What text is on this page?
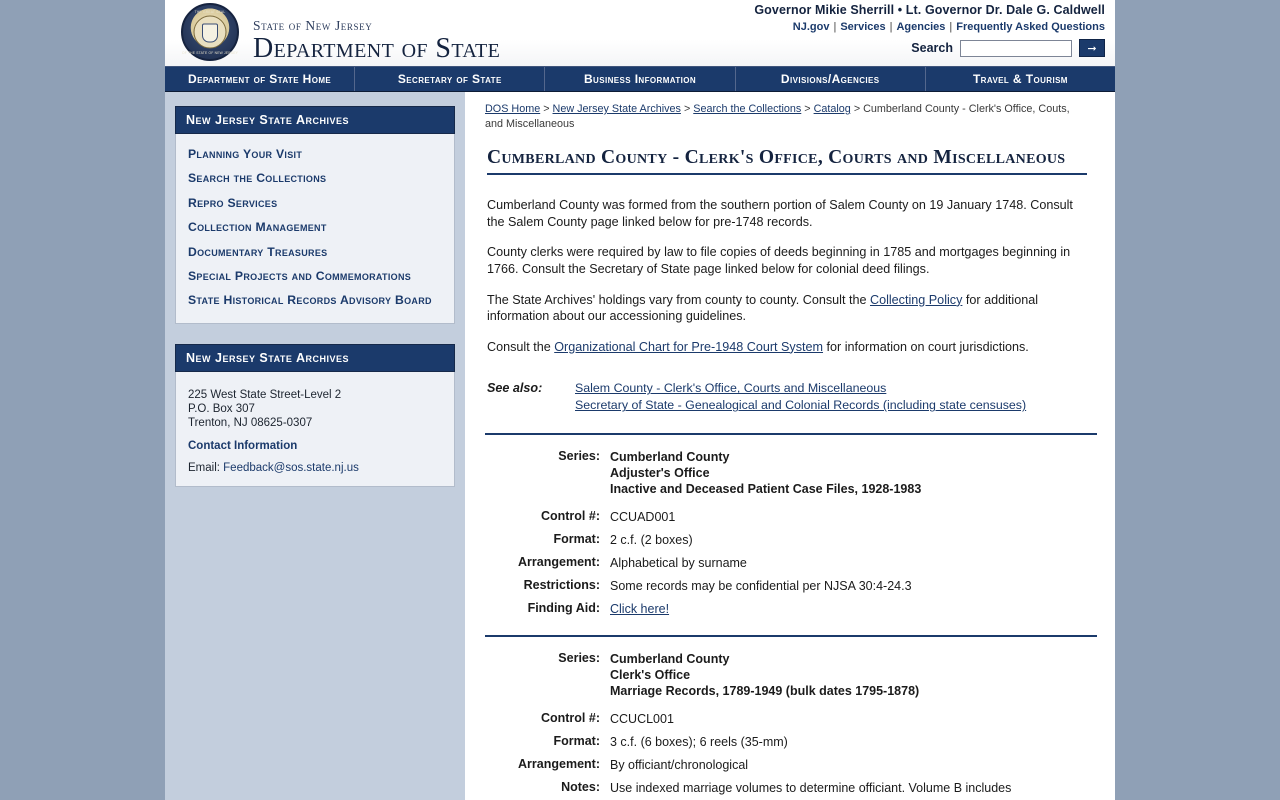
THE GREAT SEAL
OF THE STATE OF NEW JERSEY
State of New Jersey
Department of State
Governor Mikie Sherrill • Lt. Governor Dr. Dale G. Caldwell
NJ.gov | Services | Agencies | Frequently Asked Questions
Search	➞
Department of State Home	Secretary of State	Business Information	Divisions/Agencies	Travel & Tourism
New Jersey State Archives
Planning Your Visit
Search the Collections
Repro Services
Collection Management
Documentary Treasures
Special Projects and Commemorations
State Historical Records Advisory Board
New Jersey State Archives
225 West State Street-Level 2
P.O. Box 307
Trenton, NJ 08625-0307
Contact Information
Email: Feedback@sos.state.nj.us
DOS Home > New Jersey State Archives > Search the Collections > Catalog > Cumberland County - Clerk's Office, Couts, and Miscellaneous
Cumberland County - Clerk's Office, Courts and Miscellaneous

Cumberland County was formed from the southern portion of Salem County on 19 January 1748. Consult the Salem County page linked below for pre-1748 records.

County clerks were required by law to file copies of deeds beginning in 1785 and mortgages beginning in 1766. Consult the Secretary of State page linked below for colonial deed filings.

The State Archives' holdings vary from county to county. Consult the Collecting Policy for additional information about our accessioning guidelines.

Consult the Organizational Chart for Pre-1948 Court System for information on court jurisdictions.

See also:	Salem County - Clerk's Office, Courts and Miscellaneous
Secretary of State - Genealogical and Colonial Records (including state censuses)
Series: Cumberland County
Adjuster's Office
Inactive and Deceased Patient Case Files, 1928-1983
Control #: CCUAD001
Format: 2 c.f. (2 boxes)
Arrangement: Alphabetical by surname
Restrictions: Some records may be confidential per NJSA 30:4-24.3
Finding Aid: Click here!
Series: Cumberland County
Clerk's Office
Marriage Records, 1789-1949 (bulk dates 1795-1878)
Control #: CCUCL001
Format: 3 c.f. (6 boxes); 6 reels (35-mm)
Arrangement: By officiant/chronological
Notes: Use indexed marriage volumes to determine officiant. Volume B includes
